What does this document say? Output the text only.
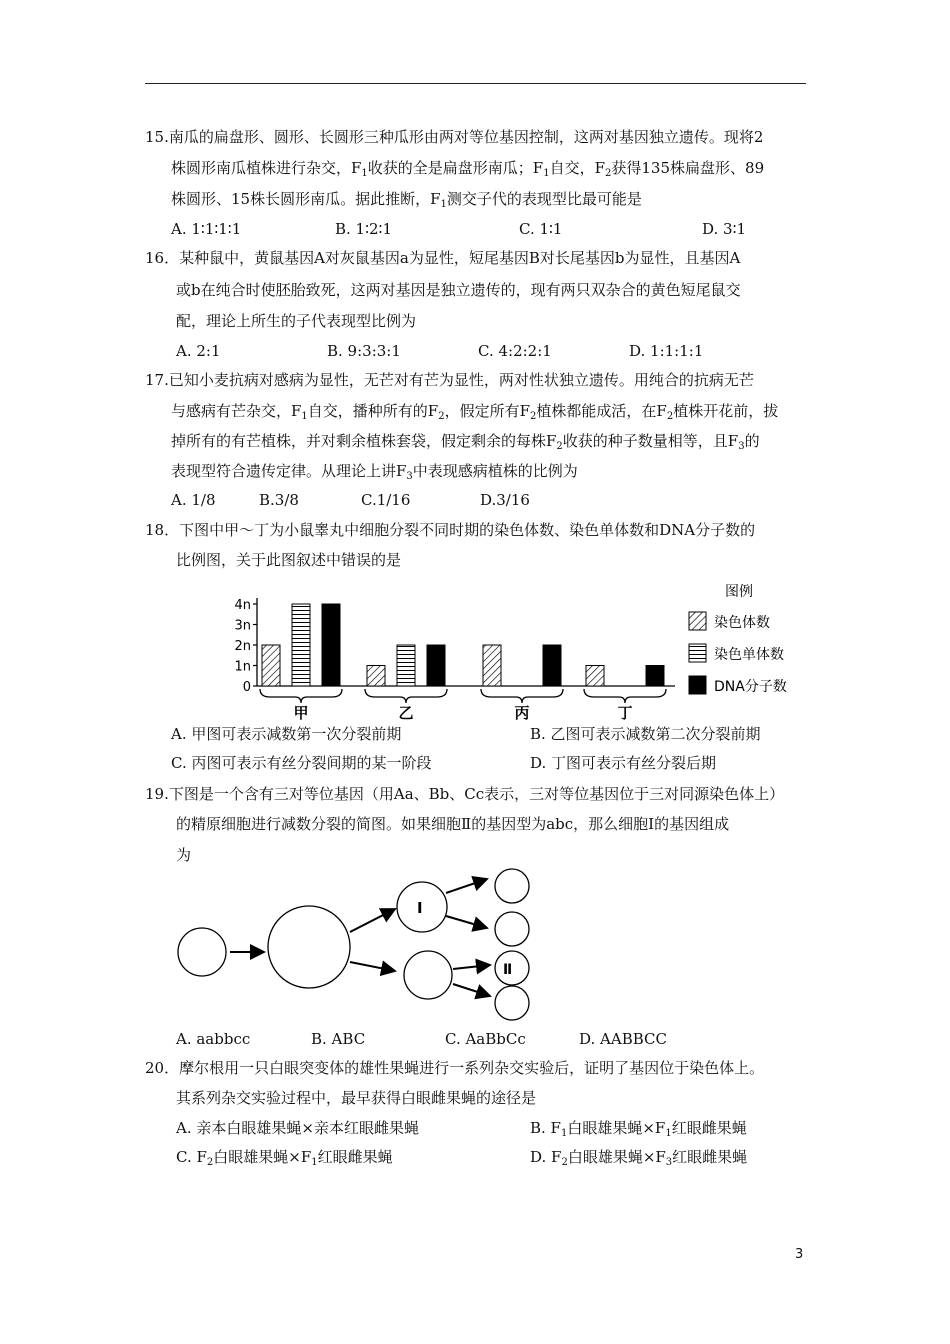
15.南瓜的扁盘形、圆形、长圆形三种瓜形由两对等位基因控制，这两对基因独立遗传。现将2
株圆形南瓜植株进行杂交，$F_1$收获的全是扁盘形南瓜；$F_1$自交，$F_2$获得135株扁盘形、89
株圆形、15株长圆形南瓜。据此推断，$F_1$测交子代的表现型比最可能是
A. 1∶1∶1∶1	B. 1∶2∶1	C. 1∶1	D. 3∶1
16．某种鼠中，黄鼠基因A对灰鼠基因a为显性，短尾基因B对长尾基因b为显性，且基因A
或b在纯合时使胚胎致死，这两对基因是独立遗传的，现有两只双杂合的黄色短尾鼠交
配，理论上所生的子代表现型比例为
A. 2:1	B. 9:3:3:1	C. 4:2:2:1	D. 1:1:1:1
17.已知小麦抗病对感病为显性，无芒对有芒为显性，两对性状独立遗传。用纯合的抗病无芒
与感病有芒杂交，$F_1$自交，播种所有的$F_2$，假定所有$F_2$植株都能成活，在$F_2$植株开花前，拔
掉所有的有芒植株，并对剩余植株套袋，假定剩余的每株$F_2$收获的种子数量相等，且$F_3$的
表现型符合遗传定律。从理论上讲$F_3$中表现感病植株的比例为
A. 1/8	B.3/8	C.1/16	D.3/16
18．下图中甲～丁为小鼠睾丸中细胞分裂不同时期的染色体数、染色单体数和DNA分子数的
比例图，关于此图叙述中错误的是
0
1n
2n
3n
4n
甲	乙	丙	丁
图例
染色体数
染色单体数
DNA分子数
A. 甲图可表示减数第一次分裂前期	B. 乙图可表示减数第二次分裂前期
C. 丙图可表示有丝分裂间期的某一阶段	D. 丁图可表示有丝分裂后期
19.下图是一个含有三对等位基因（用Aa、Bb、Cc表示，三对等位基因位于三对同源染色体上）
的精原细胞进行减数分裂的简图。如果细胞Ⅱ的基因型为abc，那么细胞Ⅰ的基因组成
为
Ⅰ
Ⅱ
A. aabbcc	B. ABC	C. AaBbCc	D. AABBCC
20．摩尔根用一只白眼突变体的雄性果蝇进行一系列杂交实验后，证明了基因位于染色体上。
其系列杂交实验过程中，最早获得白眼雌果蝇的途径是
A. 亲本白眼雄果蝇×亲本红眼雌果蝇	B. $F_1$白眼雄果蝇$\times F_1$红眼雌果蝇
C. $F_2$白眼雄果蝇$\times F_1$红眼雌果蝇	D. $F_2$白眼雄果蝇$\times F_3$红眼雌果蝇
3
